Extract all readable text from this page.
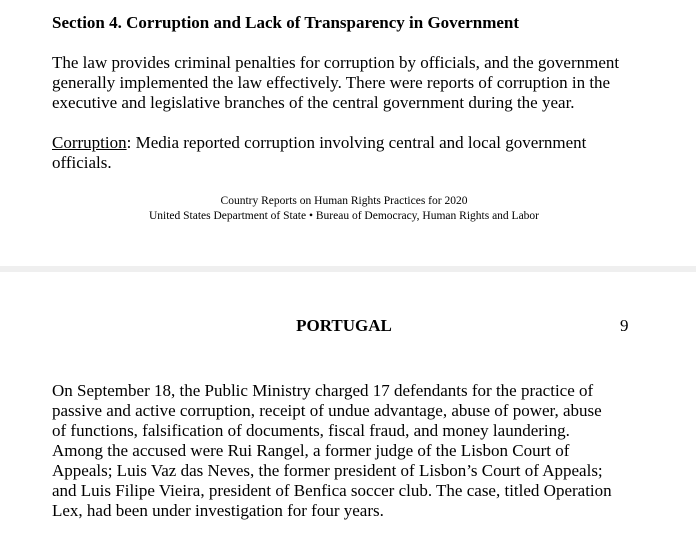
Section 4. Corruption and Lack of Transparency in Government
The law provides criminal penalties for corruption by officials, and the government
generally implemented the law effectively. There were reports of corruption in the
executive and legislative branches of the central government during the year.
Corruption: Media reported corruption involving central and local government
officials.
Country Reports on Human Rights Practices for 2020
United States Department of State • Bureau of Democracy, Human Rights and Labor
PORTUGAL	9
On September 18, the Public Ministry charged 17 defendants for the practice of
passive and active corruption, receipt of undue advantage, abuse of power, abuse
of functions, falsification of documents, fiscal fraud, and money laundering.
Among the accused were Rui Rangel, a former judge of the Lisbon Court of
Appeals; Luis Vaz das Neves, the former president of Lisbon’s Court of Appeals;
and Luis Filipe Vieira, president of Benfica soccer club. The case, titled Operation
Lex, had been under investigation for four years.
